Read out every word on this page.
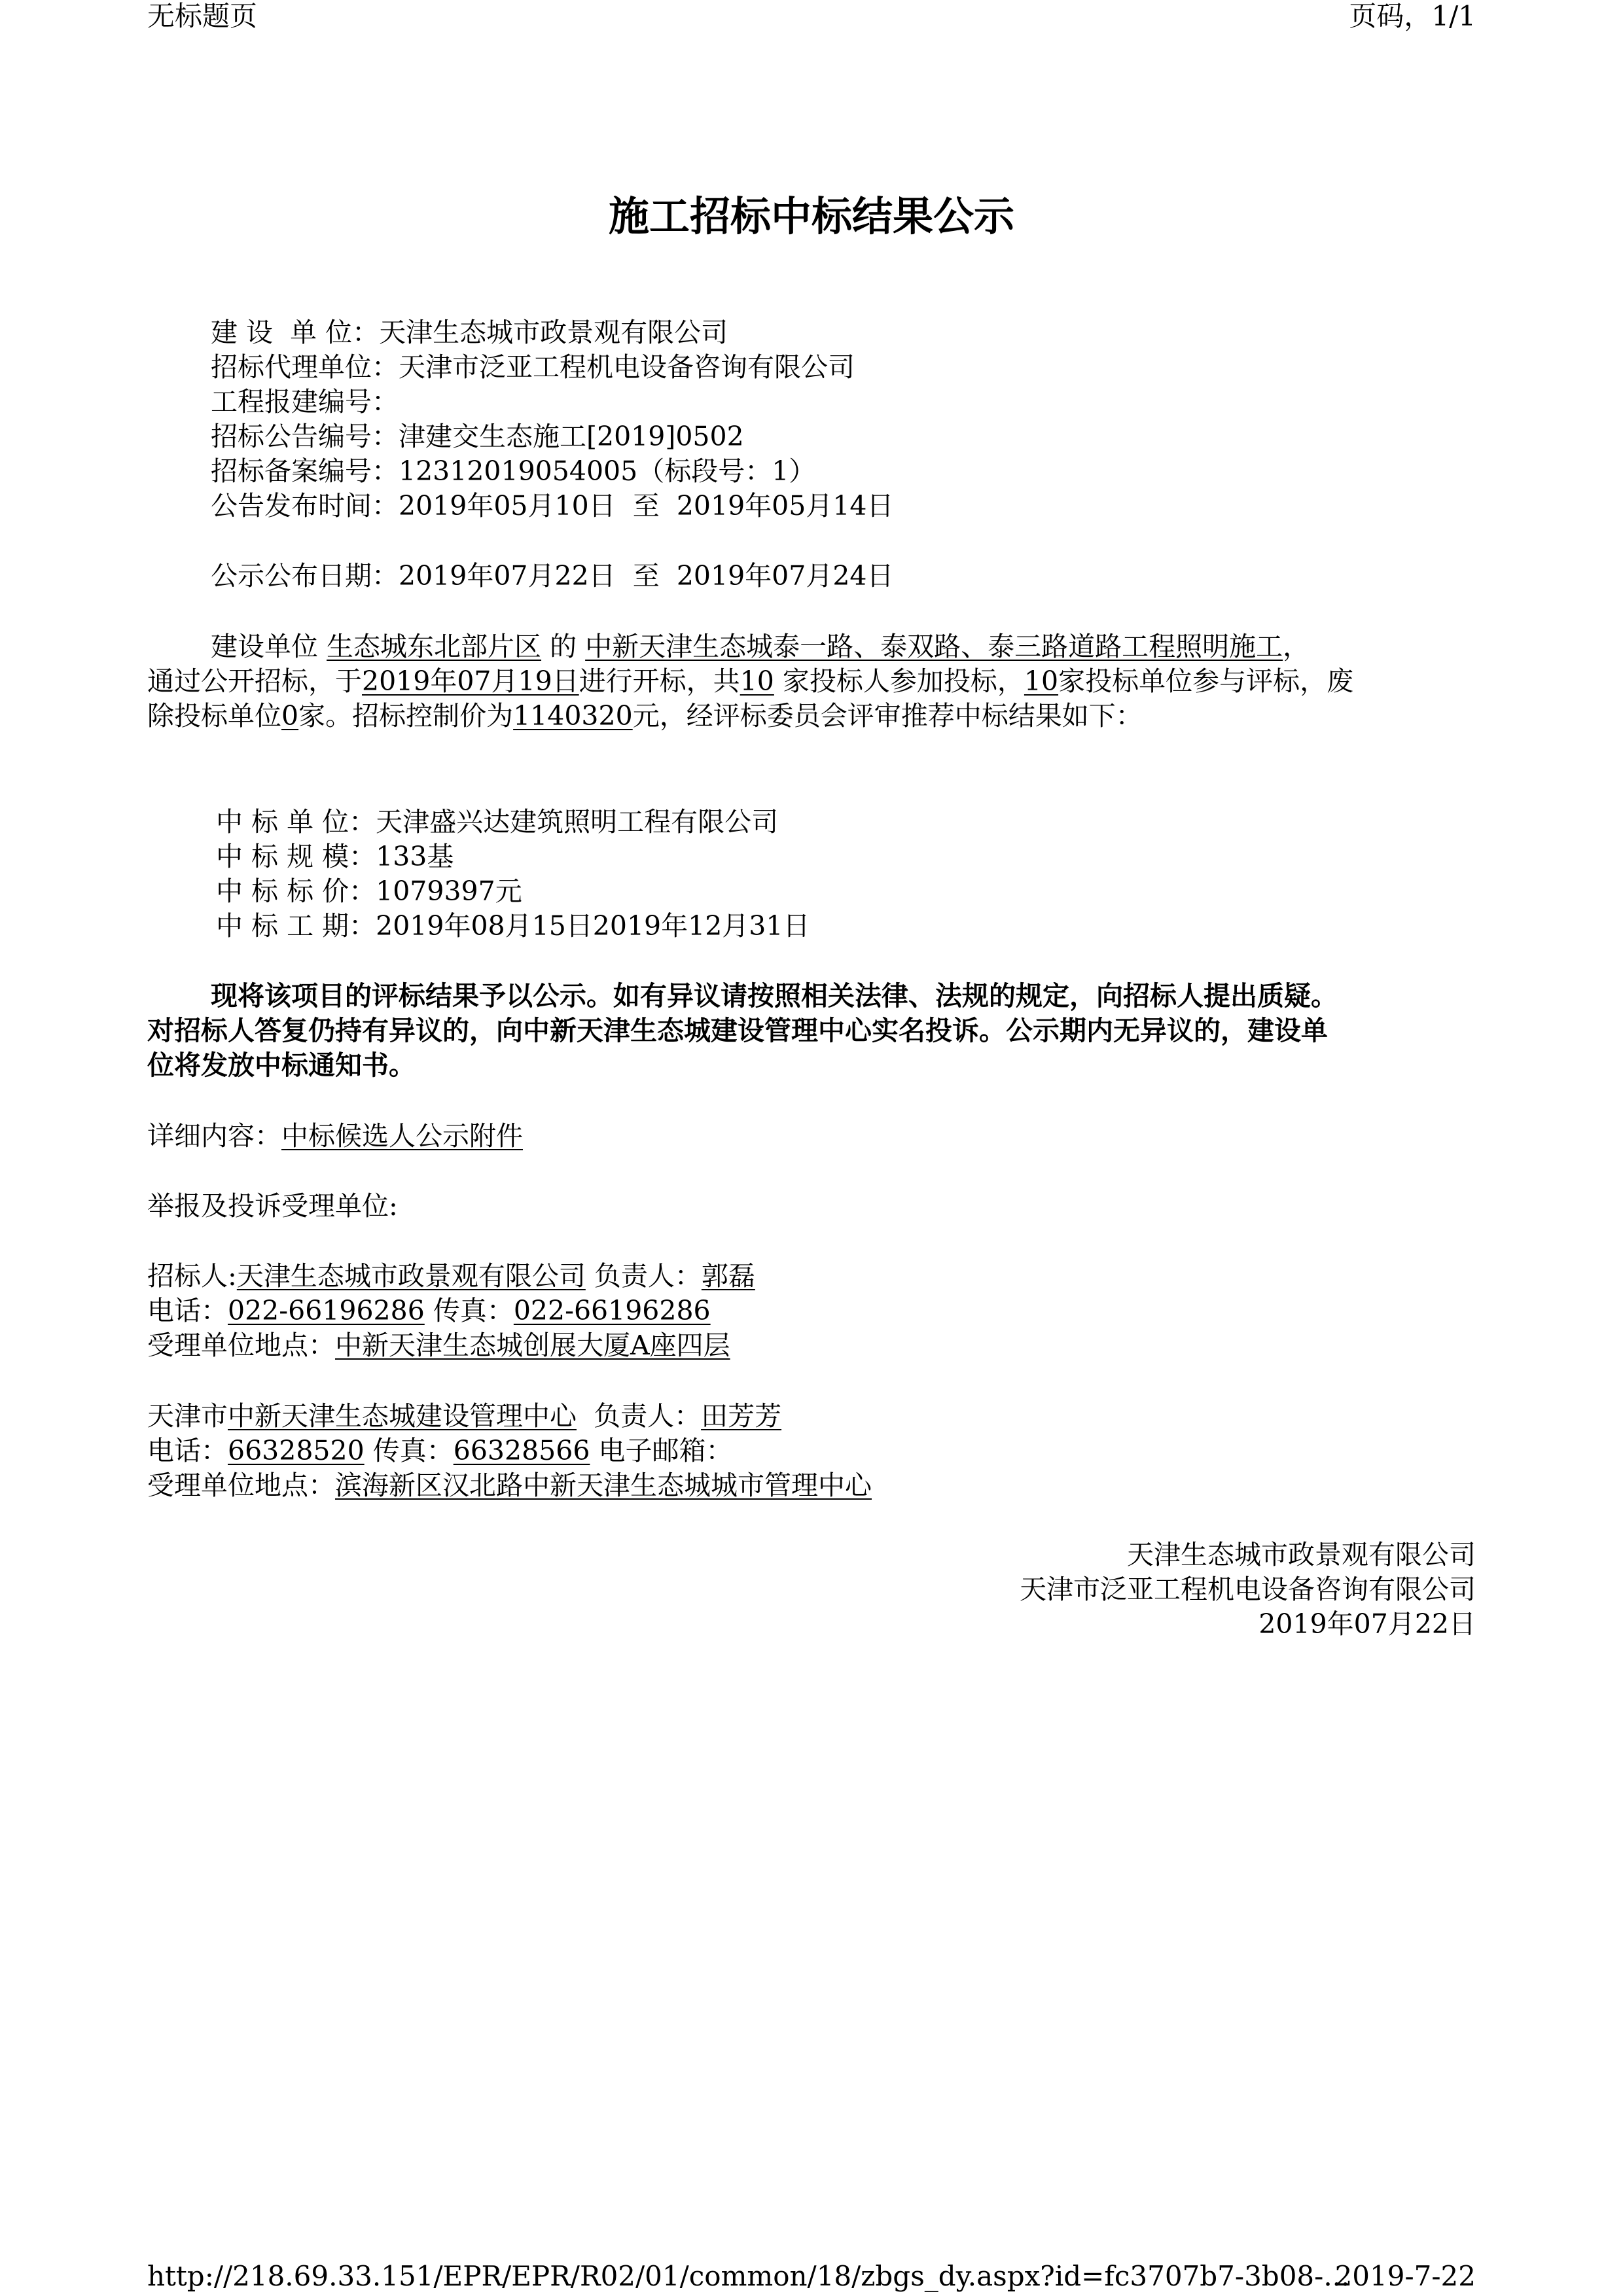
无标题页	页码，1/1
施工招标中标结果公示
建 设  单 位：天津生态城市政景观有限公司
招标代理单位：天津市泛亚工程机电设备咨询有限公司
工程报建编号：
招标公告编号：津建交生态施工[2019]0502
招标备案编号：12312019054005（标段号：1）
公告发布时间：2019年05月10日  至  2019年05月14日
公示公布日期：2019年07月22日  至  2019年07月24日
建设单位 生态城东北部片区 的 中新天津生态城泰一路、泰双路、泰三路道路工程照明施工，
通过公开招标，于2019年07月19日进行开标，共10 家投标人参加投标，10家投标单位参与评标，废
除投标单位0家。招标控制价为1140320元，经评标委员会评审推荐中标结果如下：
中 标 单 位：天津盛兴达建筑照明工程有限公司
中 标 规 模：133基
中 标 标 价：1079397元
中 标 工 期：2019年08月15日2019年12月31日
现将该项目的评标结果予以公示。如有异议请按照相关法律、法规的规定，向招标人提出质疑。
对招标人答复仍持有异议的，向中新天津生态城建设管理中心实名投诉。公示期内无异议的，建设单
位将发放中标通知书。
详细内容：中标候选人公示附件
举报及投诉受理单位:
招标人:天津生态城市政景观有限公司 负责人：郭磊
电话：022-66196286 传真：022-66196286
受理单位地点：中新天津生态城创展大厦A座四层
天津市中新天津生态城建设管理中心  负责人：田芳芳
电话：66328520 传真：66328566 电子邮箱：
受理单位地点：滨海新区汉北路中新天津生态城城市管理中心
天津生态城市政景观有限公司
天津市泛亚工程机电设备咨询有限公司
2019年07月22日
http://218.69.33.151/EPR/EPR/R02/01/common/18/zbgs_dy.aspx?id=fc3707b7-3b08-...
2019-7-22
